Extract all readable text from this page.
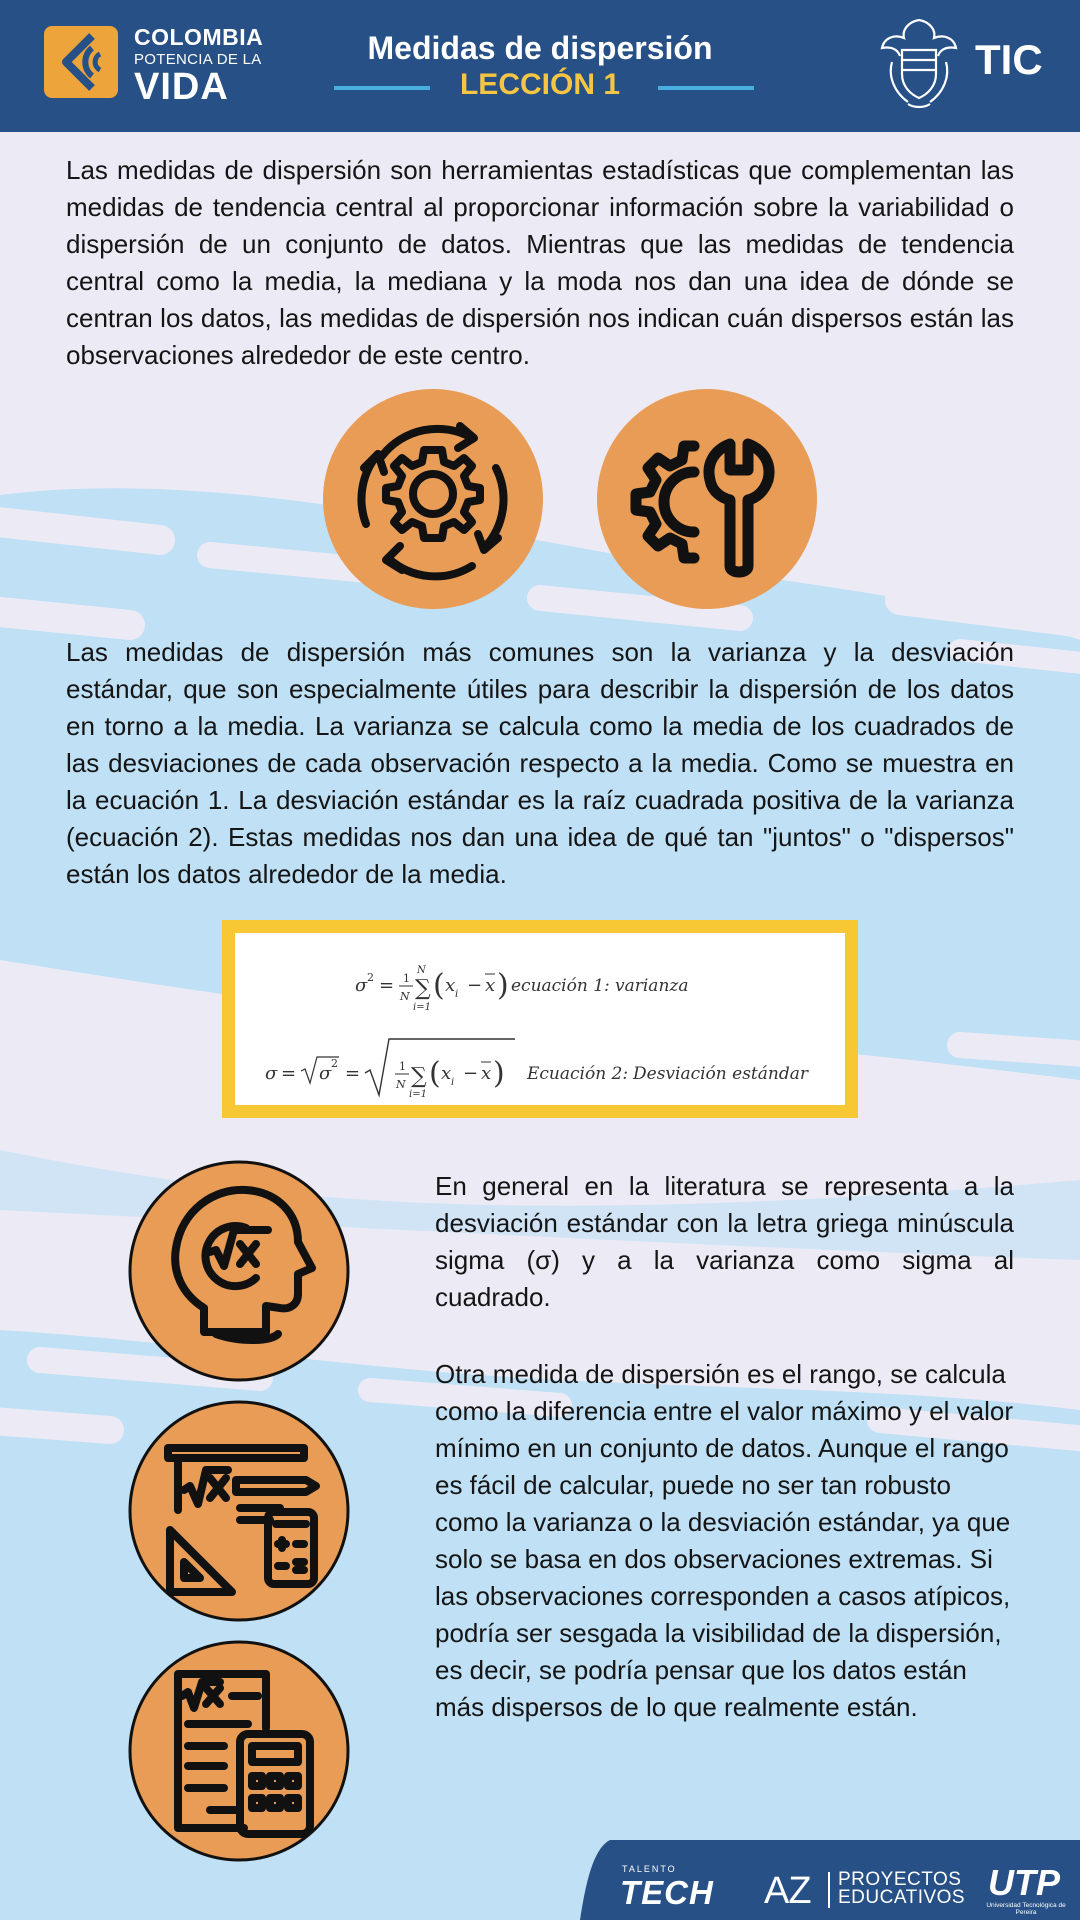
COLOMBIA
POTENCIA DE LA
VIDA
Medidas de dispersión
LECCIÓN 1
TIC

Las medidas de dispersión son herramientas estadísticas que complementan las medidas de tendencia central al proporcionar información sobre la variabilidad o dispersión de un conjunto de datos. Mientras que las medidas de tendencia central como la media, la mediana y la moda nos dan una idea de dónde se centran los datos, las medidas de dispersión nos indican cuán dispersos están las observaciones alrededor de este centro.

Las medidas de dispersión más comunes son la varianza y la desviación estándar, que son especialmente útiles para describir la dispersión de los datos en torno a la media. La varianza se calcula como la media de los cuadrados de las desviaciones de cada observación respecto a la media. Como se muestra en la ecuación 1. La desviación estándar es la raíz cuadrada positiva de la varianza (ecuación 2). Estas medidas nos dan una idea de qué tan "juntos" o "dispersos" están los datos alrededor de la media.

σ 2 = 1
N
N
∑
i=1
( x i − x ) ecuación 1: varianza
σ = σ 2 =	1
N ∑
i=1
( x i − x ) Ecuación 2: Desviación estándar

En general en la literatura se representa a la desviación estándar con la letra griega minúscula sigma (σ) y a la varianza como sigma al cuadrado.

Otra medida de dispersión es el rango, se calcula como la diferencia entre el valor máximo y el valor mínimo en un conjunto de datos. Aunque el rango es fácil de calcular, puede no ser tan robusto como la varianza o la desviación estándar, ya que solo se basa en dos observaciones extremas. Si las observaciones corresponden a casos atípicos, podría ser sesgada la visibilidad de la dispersión, es decir, se podría pensar que los datos están más dispersos de lo que realmente están.

TALENTO
TECH AZ PROYECTOS
EDUCATIVOS UTP
Universidad Tecnológica de Pereira
